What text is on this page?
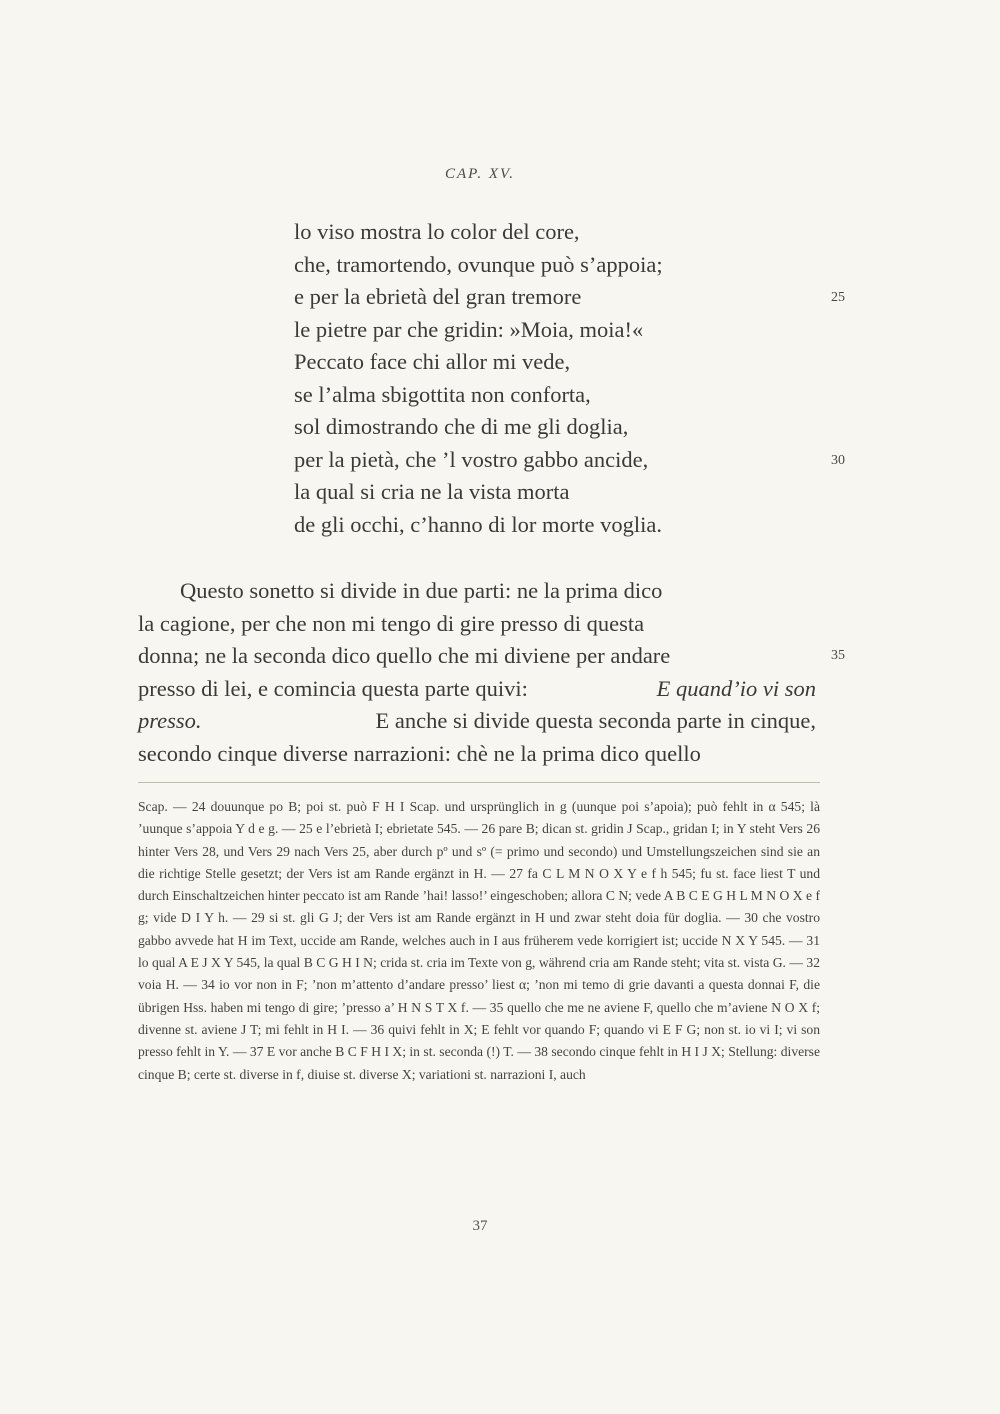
CAP. XV.
lo viso mostra lo color del core,
che, tramortendo, ovunque può s’appoia;
e per la ebrietà del gran tremore
le pietre par che gridin: »Moia, moia!«
Peccato face chi allor mi vede,
se l’alma sbigottita non conforta,
sol dimostrando che di me gli doglia,
per la pietà, che ’l vostro gabbo ancide,
la qual si cria ne la vista morta
de gli occhi, c’hanno di lor morte voglia.
25
30
35
Questo sonetto si divide in due parti: ne la prima dico
la cagione, per che non mi tengo di gire presso di questa
donna; ne la seconda dico quello che mi diviene per andare
presso di lei, e comincia questa parte quivi:	E quand’io vi son
presso.	E anche si divide questa seconda parte in cinque,
secondo cinque diverse narrazioni: chè ne la prima dico quello

Scap. — 24 douunque po B; poi st. può F H I Scap. und ursprünglich in g (uunque poi s’apoia); può fehlt in α 545; là ’uunque s’appoia Y d e g. — 25 e l’ebrietà I; ebrietate 545. — 26 pare B; dican st. gridin J Scap., gridan I; in Y steht Vers 26 hinter Vers 28, und Vers 29 nach Vers 25, aber durch pº und sº (= primo und secondo) und Umstellungszeichen sind sie an die richtige Stelle gesetzt; der Vers ist am Rande ergänzt in H. — 27 fa C L M N O X Y e f h 545; fu st. face liest T und durch Einschaltzeichen hinter peccato ist am Rande ’hai! lasso!’ eingeschoben; allora C N; vede A B C E G H L M N O X e f g; vide D I Y h. — 29 si st. gli G J; der Vers ist am Rande ergänzt in H und zwar steht doia für doglia. — 30 che vostro gabbo avvede hat H im Text, uccide am Rande, welches auch in I aus früherem vede korrigiert ist; uccide N X Y 545. — 31 lo qual A E J X Y 545, la qual B C G H I N; crida st. cria im Texte von g, während cria am Rande steht; vita st. vista G. — 32 voia H. — 34 io vor non in F; ’non m’attento d’andare presso’ liest α; ’non mi temo di grie davanti a questa donnai F, die übrigen Hss. haben mi tengo di gire; ’presso a’ H N S T X f. — 35 quello che me ne aviene F, quello che m’aviene N O X f; divenne st. aviene J T; mi fehlt in H I. — 36 quivi fehlt in X; E fehlt vor quando F; quando vi E F G; non st. io vi I; vi son presso fehlt in Y. — 37 E vor anche B C F H I X; in st. seconda (!) T. — 38 secondo cinque fehlt in H I J X; Stellung: diverse cinque B; certe st. diverse in f, diuise st. diverse X; variationi st. narrazioni I, auch

37
